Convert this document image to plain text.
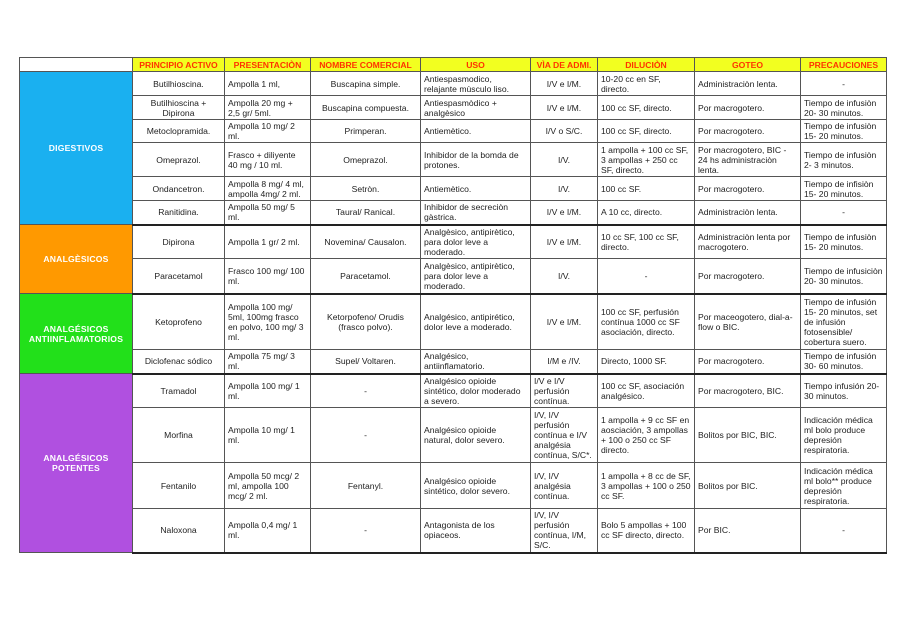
	PRINCIPIO ACTIVO	PRESENTACIÒN	NOMBRE COMERCIAL	USO	VÌA DE ADMI.	DILUCIÒN	GOTEO	PRECAUCIONES
DIGESTIVOS	Butilhioscina.	Ampolla 1 ml,	Buscapina simple.	Antiespasmodico, relajante mùsculo liso.	I/V e I/M.	10-20 cc en SF, directo.	Administraciòn lenta.	-
	Butilhioscina + Dipirona	Ampolla 20 mg + 2,5 gr/ 5ml.	Buscapina compuesta.	Antiespasmòdico + analgèsico	I/V e I/M.	100 cc SF, directo.	Por macrogotero.	Tiempo de infusiòn 20- 30 minutos.
	Metoclopramida.	Ampolla 10 mg/ 2 ml.	Primperan.	Antiemètico.	I/V o S/C.	100 cc SF, directo.	Por macrogotero.	Tiempo de infusiòn 15- 20 minutos.
	Omeprazol.	Frasco + diliyente 40 mg / 10 ml.	Omeprazol.	Inhibidor de la bomda de protones.	I/V.	1 ampolla + 100 cc SF, 3 ampollas + 250 cc SF, directo.	Por macrogotero, BIC - 24 hs administraciòn lenta.	Tiempo de infusiòn 2- 3 minutos.
	Ondancetron.	Ampolla 8 mg/ 4 ml, ampolla 4mg/ 2 ml.	Setròn.	Antiemètico.	I/V.	100 cc SF.	Por macrogotero.	Tiempo de infisiòn 15- 20 minutos.
	Ranitidina.	Ampolla 50 mg/ 5 ml.	Taural/ Ranical.	Inhibidor de secreciòn gàstrica.	I/V e I/M.	A 10 cc, directo.	Administraciòn lenta.	-
ANALGÈSICOS	Dipirona	Ampolla 1 gr/ 2 ml.	Novemina/ Causalon.	Analgèsico, antipirètico, para dolor leve a moderado.	I/V e I/M.	10 cc SF, 100 cc SF, directo.	Administraciòn lenta por macrogotero.	Tiempo de infusiòn 15- 20 minutos.
	Paracetamol	Frasco 100 mg/ 100 ml.	Paracetamol.	Analgèsico, antipirètico, para dolor leve a moderado.	I/V.	-	Por macrogotero.	Tiempo de infusiciòn 20- 30 minutos.
ANALGÉSICOS ANTIINFLAMATORIOS	Ketoprofeno	Ampolla 100 mg/ 5ml, 100mg frasco en polvo, 100 mg/ 3 ml.	Ketorpofeno/ Orudis (frasco polvo).	Analgésico, antipirético, dolor leve a moderado.	I/V e I/M.	100 cc SF, perfusión contínua 1000 cc SF asociación, directo.	Por maceogotero, dial-a-flow o BIC.	Tiempo de infusión 15- 20 minutos, set de infusión fotosensible/ cobertura suero.
	Diclofenac sódico	Ampolla 75 mg/ 3 ml.	Supel/ Voltaren.	Analgésico, antiinflamatorio.	I/M e /IV.	Directo, 1000 SF.	Por macrogotero.	Tiempo de infusión 30- 60 minutos.
ANALGÉSICOS POTENTES	Tramadol	Ampolla 100 mg/ 1 ml.	-	Analgésico opioide sintético, dolor moderado a severo.	I/V e I/V perfusión contínua.	100 cc SF, asociación analgésico.	Por macrogotero, BIC.	Tiempo infusión 20- 30 minutos.
	Morfina	Ampolla 10 mg/ 1 ml.	-	Analgésico opioide natural, dolor severo.	I/V, I/V perfusión contínua e I/V analgésia contínua, S/C*.	1 ampolla + 9 cc SF en aosciación, 3 ampollas + 100 o 250 cc SF directo.	Bolitos por BIC, BIC.	Indicación médica ml bolo produce depresión respiratoria.
	Fentanilo	Ampolla 50 mcg/ 2 ml, ampolla 100 mcg/ 2 ml.	Fentanyl.	Analgésico opioide sintético, dolor severo.	I/V, I/V analgésia contínua.	1 ampolla + 8 cc de SF, 3 ampollas + 100 o 250 cc SF.	Bolitos por BIC.	Indicación médica ml bolo** produce depresión respiratoria.
	Naloxona	Ampolla 0,4 mg/ 1 ml.	-	Antagonista de los opiaceos.	I/V, I/V perfusión contínua, I/M, S/C.	Bolo 5 ampollas + 100 cc SF directo, directo.	Por BIC.	-
